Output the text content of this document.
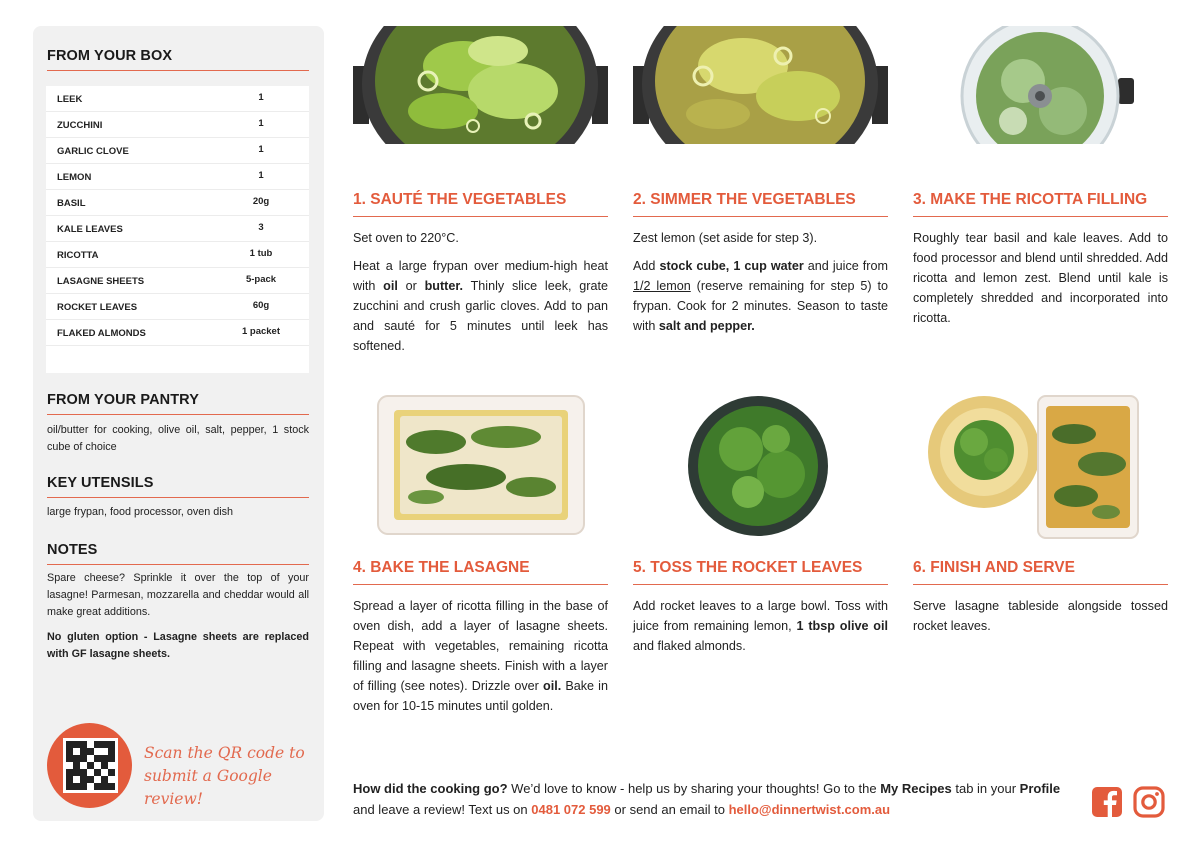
FROM YOUR BOX
LEEK	1
ZUCCHINI	1
GARLIC CLOVE	1
LEMON	1
BASIL	20g
KALE LEAVES	3
RICOTTA	1 tub
LASAGNE SHEETS	5-pack
ROCKET LEAVES	60g
FLAKED ALMONDS	1 packet
FROM YOUR PANTRY
oil/butter for cooking, olive oil, salt, pepper, 1 stock cube of choice
KEY UTENSILS
large frypan, food processor, oven dish
NOTES
Spare cheese? Sprinkle it over the top of your lasagne! Parmesan, mozzarella and cheddar would all make great additions.
No gluten option - Lasagne sheets are replaced with GF lasagne sheets.
Scan the QR code to
submit a Google review!
1. SAUTÉ THE VEGETABLES

Set oven to 220°C.

Heat a large frypan over medium-high heat with oil or butter. Thinly slice leek, grate zucchini and crush garlic cloves. Add to pan and sauté for 5 minutes until leek has softened.

2. SIMMER THE VEGETABLES

Zest lemon (set aside for step 3).

Add stock cube, 1 cup water and juice from 1/2 lemon (reserve remaining for step 5) to frypan. Cook for 2 minutes. Season to taste with salt and pepper.

3. MAKE THE RICOTTA FILLING

Roughly tear basil and kale leaves. Add to food processor and blend until shredded. Add ricotta and lemon zest. Blend until kale is completely shredded and incorporated into ricotta.

4. BAKE THE LASAGNE

Spread a layer of ricotta filling in the base of oven dish, add a layer of lasagne sheets. Repeat with vegetables, remaining ricotta filling and lasagne sheets. Finish with a layer of filling (see notes). Drizzle over oil. Bake in oven for 10-15 minutes until golden.

5. TOSS THE ROCKET LEAVES

Add rocket leaves to a large bowl. Toss with juice from remaining lemon, 1 tbsp olive oil and flaked almonds.

6. FINISH AND SERVE

Serve lasagne tableside alongside tossed rocket leaves.

How did the cooking go? We’d love to know - help us by sharing your thoughts! Go to the My Recipes tab in your Profile and leave a review! Text us on 0481 072 599 or send an email to hello@dinnertwist.com.au
